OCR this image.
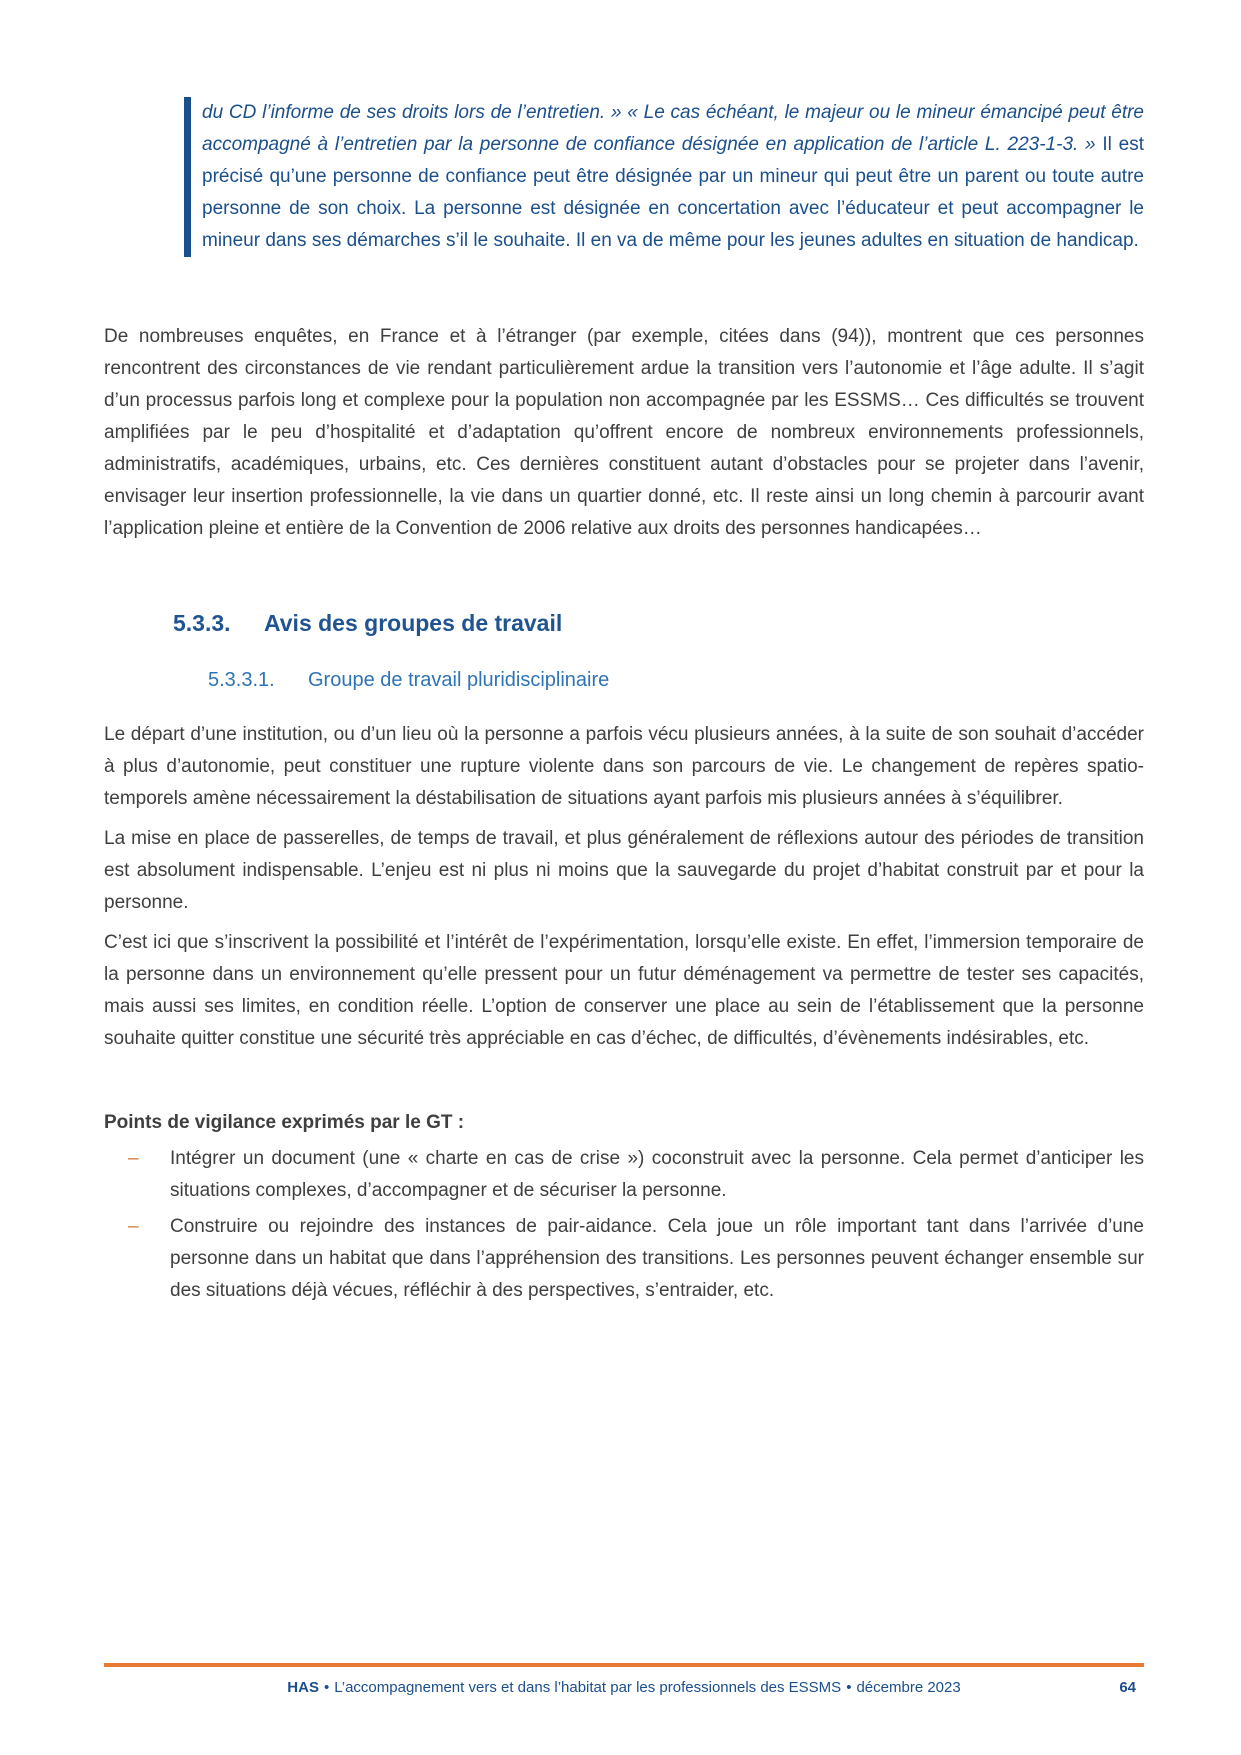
du CD l’informe de ses droits lors de l’entretien. » « Le cas échéant, le majeur ou le mineur émancipé peut être accompagné à l’entretien par la personne de confiance désignée en application de l’article L. 223-1-3. » Il est précisé qu’une personne de confiance peut être désignée par un mineur qui peut être un parent ou toute autre personne de son choix. La personne est désignée en concertation avec l’éducateur et peut accompagner le mineur dans ses démarches s’il le souhaite. Il en va de même pour les jeunes adultes en situation de handicap.

De nombreuses enquêtes, en France et à l’étranger (par exemple, citées dans (94)), montrent que ces personnes rencontrent des circonstances de vie rendant particulièrement ardue la transition vers l’autonomie et l’âge adulte. Il s’agit d’un processus parfois long et complexe pour la population non accompagnée par les ESSMS… Ces difficultés se trouvent amplifiées par le peu d’hospitalité et d’adaptation qu’offrent encore de nombreux environnements professionnels, administratifs, académiques, urbains, etc. Ces dernières constituent autant d’obstacles pour se projeter dans l’avenir, envisager leur insertion professionnelle, la vie dans un quartier donné, etc. Il reste ainsi un long chemin à parcourir avant l’application pleine et entière de la Convention de 2006 relative aux droits des personnes handicapées…

5.3.3. Avis des groupes de travail
5.3.3.1. Groupe de travail pluridisciplinaire

Le départ d’une institution, ou d’un lieu où la personne a parfois vécu plusieurs années, à la suite de son souhait d’accéder à plus d’autonomie, peut constituer une rupture violente dans son parcours de vie. Le changement de repères spatio-temporels amène nécessairement la déstabilisation de situations ayant parfois mis plusieurs années à s’équilibrer.

La mise en place de passerelles, de temps de travail, et plus généralement de réflexions autour des périodes de transition est absolument indispensable. L’enjeu est ni plus ni moins que la sauvegarde du projet d’habitat construit par et pour la personne.

C’est ici que s’inscrivent la possibilité et l’intérêt de l’expérimentation, lorsqu’elle existe. En effet, l’immersion temporaire de la personne dans un environnement qu’elle pressent pour un futur déménagement va permettre de tester ses capacités, mais aussi ses limites, en condition réelle. L’option de conserver une place au sein de l’établissement que la personne souhaite quitter constitue une sécurité très appréciable en cas d’échec, de difficultés, d’évènements indésirables, etc.

Points de vigilance exprimés par le GT :

–	Intégrer un document (une « charte en cas de crise ») coconstruit avec la personne. Cela permet d’anticiper les situations complexes, d’accompagner et de sécuriser la personne.
–	Construire ou rejoindre des instances de pair-aidance. Cela joue un rôle important tant dans l’arrivée d’une personne dans un habitat que dans l’appréhension des transitions. Les personnes peuvent échanger ensemble sur des situations déjà vécues, réfléchir à des perspectives, s’entraider, etc.
HAS • L’accompagnement vers et dans l’habitat par les professionnels des ESSMS • décembre 2023	64
